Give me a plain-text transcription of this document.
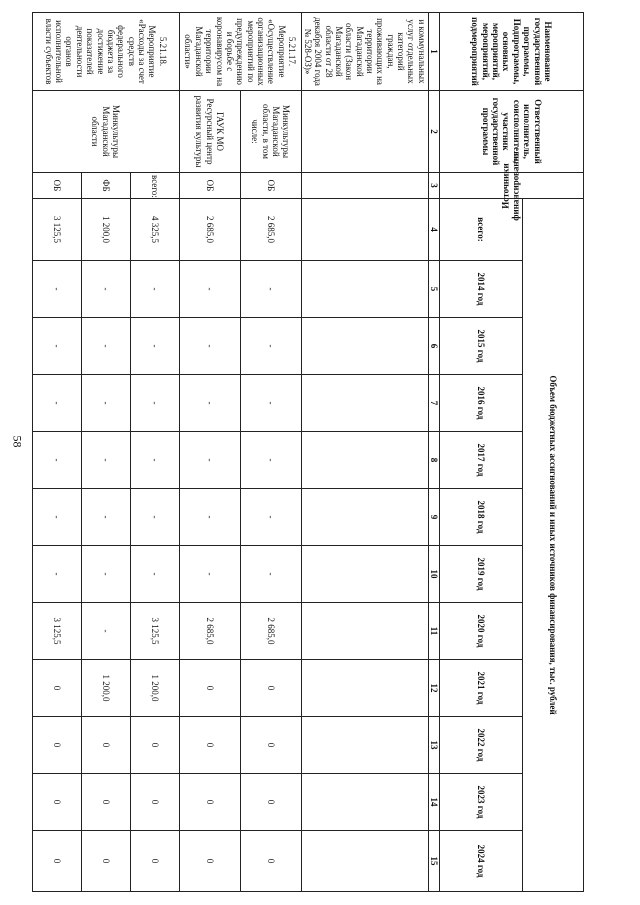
58
Наименование государственной программы, Подпрограммы, основных мероприятий, мероприятий, подмероприятий	Ответственный исполнитель, соисполнитель, участник государственной программы	Источники финансирования	Объем бюджетных ассигнований и иных источников финансирования, тыс. рублей											
			всего:	2014 год	2015 год	2016 год	2017 год	2018 год	2019 год	2020 год	2021 год	2022 год	2023 год	2024 год
1	2	3	4	5	6	7	8	9	10	11	12	13	14	15
и коммунальных услуг отдельных категорий граждан, проживающих на территории Магаданской области (Закон Магаданской области от 28 декабря 2004 года № 528-ОЗ)»														
5.21.17. Мероприятие «Осуществление организационных мероприятий по предупреждению и борьбе с коронавирусом на территории Магаданской области»	Минкультуры Магаданской области, в том числе:	ОБ	2 685,0	-	-	-	-	-	-	2 685,0	0	0	0	0
	ГАУК МО Ресурсный центр развития культуры	ОБ	2 685,0	-	-	-	-	-	-	2 685,0	0	0	0	0
5.21.18. Мероприятие «Расходы за счет средств федерального бюджета за достижение показателей деятельности органов исполнительной власти субъектов	Минкультуры Магаданской области	всего:	4 325,5	-	-	-	-	-	-	3 125,5	1 200,0	0	0	0
		ФБ	1 200,0	-	-	-	-	-	-	-	1 200,0	0	0	0
		ОБ	3 125,5	-	-	-	-	-	-	3 125,5	0	0	0	0
